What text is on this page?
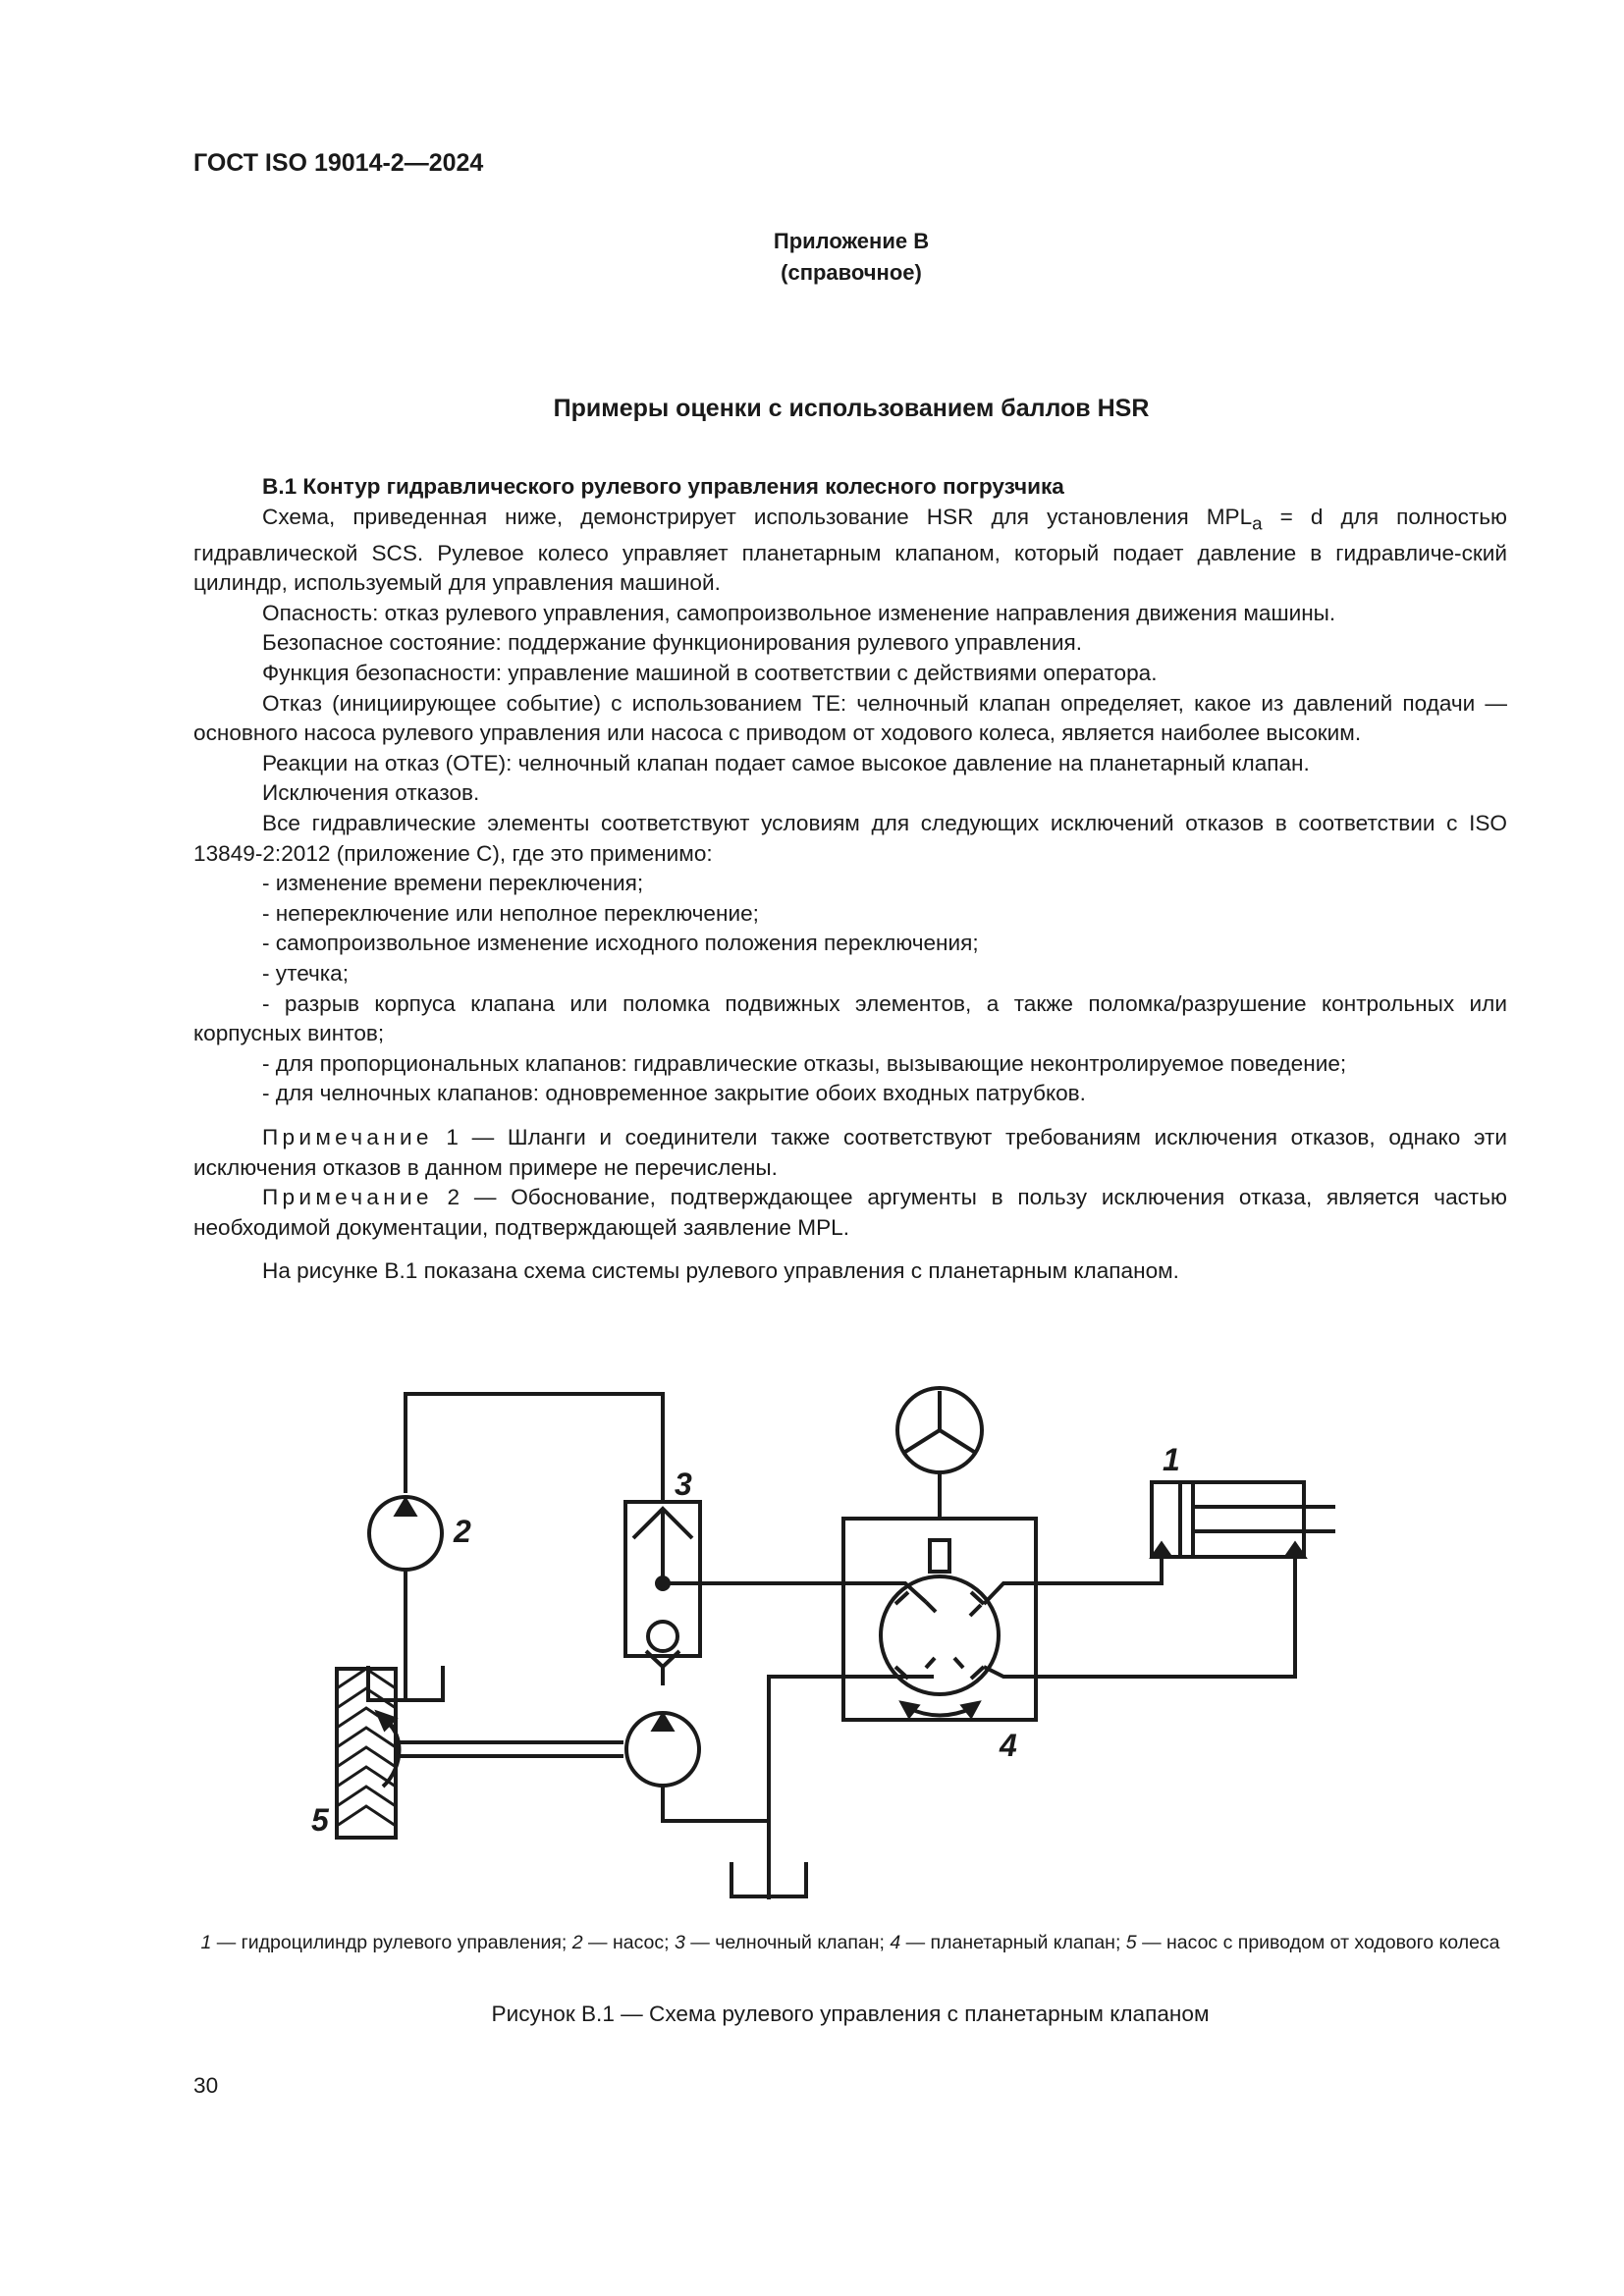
ГОСТ ISO 19014-2—2024
Приложение В
(справочное)
Примеры оценки с использованием баллов HSR

В.1 Контур гидравлического рулевого управления колесного погрузчика

Схема, приведенная ниже, демонстрирует использование HSR для установления $MPL_a = d$ для полностью гидравлической SCS. Рулевое колесо управляет планетарным клапаном, который подает давление в гидравличе-ский цилиндр, используемый для управления машиной.

Опасность: отказ рулевого управления, самопроизвольное изменение направления движения машины.

Безопасное состояние: поддержание функционирования рулевого управления.

Функция безопасности: управление машиной в соответствии с действиями оператора.

Отказ (инициирующее событие) с использованием ТЕ: челночный клапан определяет, какое из давлений подачи — основного насоса рулевого управления или насоса с приводом от ходового колеса, является наиболее высоким.

Реакции на отказ (ОТЕ): челночный клапан подает самое высокое давление на планетарный клапан.

Исключения отказов.

Все гидравлические элементы соответствуют условиям для следующих исключений отказов в соответствии с ISO 13849-2:2012 (приложение С), где это применимо:

- изменение времени переключения;

- непереключение или неполное переключение;

- самопроизвольное изменение исходного положения переключения;

- утечка;

- разрыв корпуса клапана или поломка подвижных элементов, а также поломка/разрушение контрольных или корпусных винтов;

- для пропорциональных клапанов: гидравлические отказы, вызывающие неконтролируемое поведение;

- для челночных клапанов: одновременное закрытие обоих входных патрубков.

Примечание 1 — Шланги и соединители также соответствуют требованиям исключения отказов, однако эти исключения отказов в данном примере не перечислены.

Примечание 2 — Обоснование, подтверждающее аргументы в пользу исключения отказа, является частью необходимой документации, подтверждающей заявление MPL.

На рисунке В.1 показана схема системы рулевого управления с планетарным клапаном.

1
2
3
4
5
1 — гидроцилиндр рулевого управления; 2 — насос; 3 — челночный клапан; 4 — планетарный клапан; 5 — насос с приводом от ходового колеса
Рисунок В.1 — Схема рулевого управления с планетарным клапаном
30
